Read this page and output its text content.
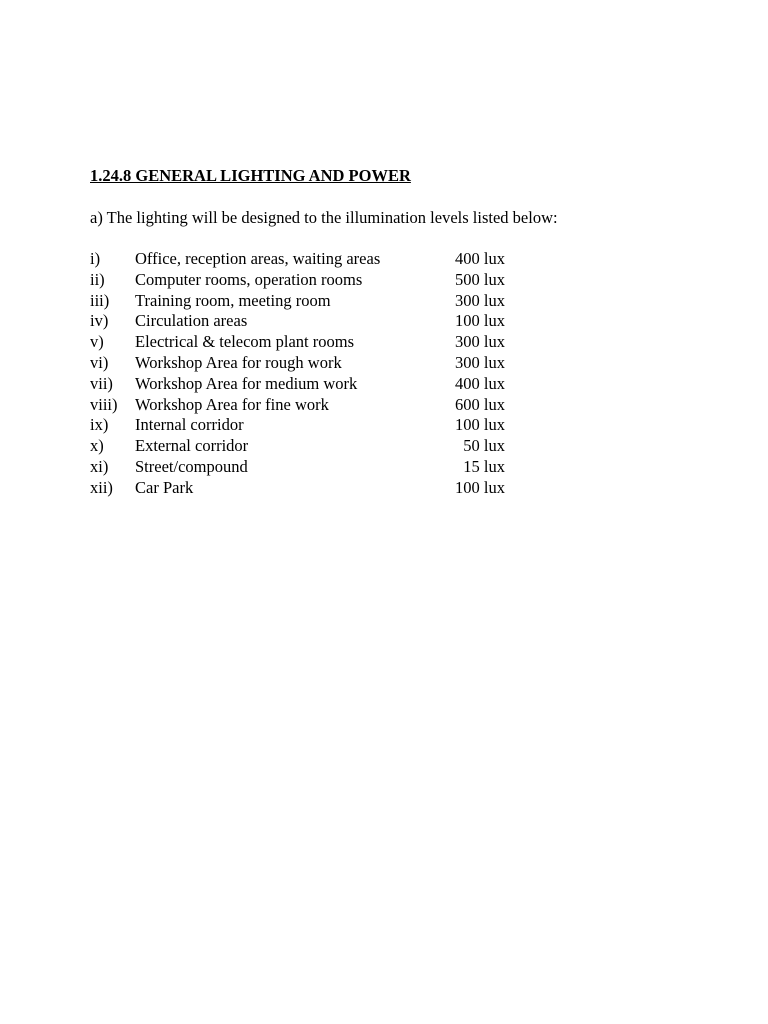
1.24.8 GENERAL LIGHTING AND POWER
a) The lighting will be designed to the illumination levels listed below:
i) Office, reception areas, waiting areas	400 lux
ii) Computer rooms, operation rooms	500 lux
iii) Training room, meeting room	300 lux
iv) Circulation areas	100 lux
v) Electrical & telecom plant rooms	300 lux
vi) Workshop Area for rough work	300 lux
vii) Workshop Area for medium work	400 lux
viii) Workshop Area for fine work	600 lux
ix) Internal corridor	100 lux
x) External corridor	50 lux
xi) Street/compound	15 lux
xii) Car Park	100 lux
